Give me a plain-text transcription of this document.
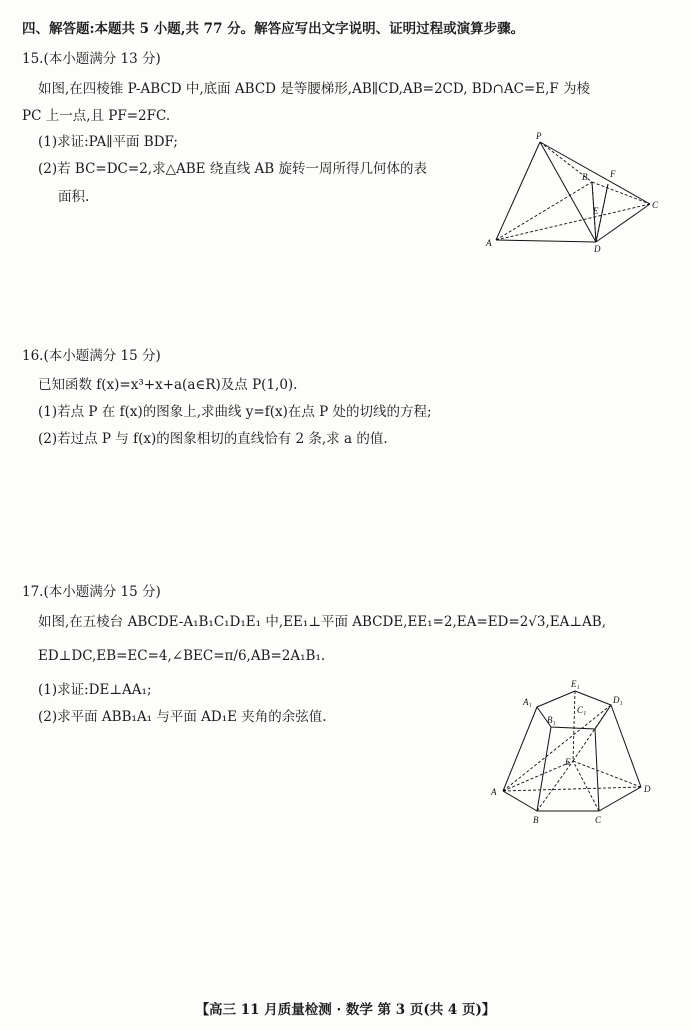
四、解答题:本题共 5 小题,共 77 分。解答应写出文字说明、证明过程或演算步骤。
15.(本小题满分 13 分)
如图,在四棱锥 P-ABCD 中,底面 ABCD 是等腰梯形,AB∥CD,AB=2CD, BD∩AC=E,F 为棱
PC 上一点,且 PF=2FC.
(1)求证:PA∥平面 BDF;
(2)若 BC=DC=2,求△ABE 绕直线 AB 旋转一周所得几何体的表
面积.
P
A
B
C
D
E
F
16.(本小题满分 15 分)
已知函数 f(x)=x³+x+a(a∈R)及点 P(1,0).
(1)若点 P 在 f(x)的图象上,求曲线 y=f(x)在点 P 处的切线的方程;
(2)若过点 P 与 f(x)的图象相切的直线恰有 2 条,求 a 的值.
17.(本小题满分 15 分)
如图,在五棱台 ABCDE-A₁B₁C₁D₁E₁ 中,EE₁⊥平面 ABCDE,EE₁=2,EA=ED=2√3,EA⊥AB,
ED⊥DC,EB=EC=4,∠BEC=π/6,AB=2A₁B₁.
(1)求证:DE⊥AA₁;
(2)求平面 ABB₁A₁ 与平面 AD₁E 夹角的余弦值.
A₁
B₁
C₁
D₁
E₁
A
B	C
D
E
【高三 11 月质量检测 · 数学 第 3 页(共 4 页)】
